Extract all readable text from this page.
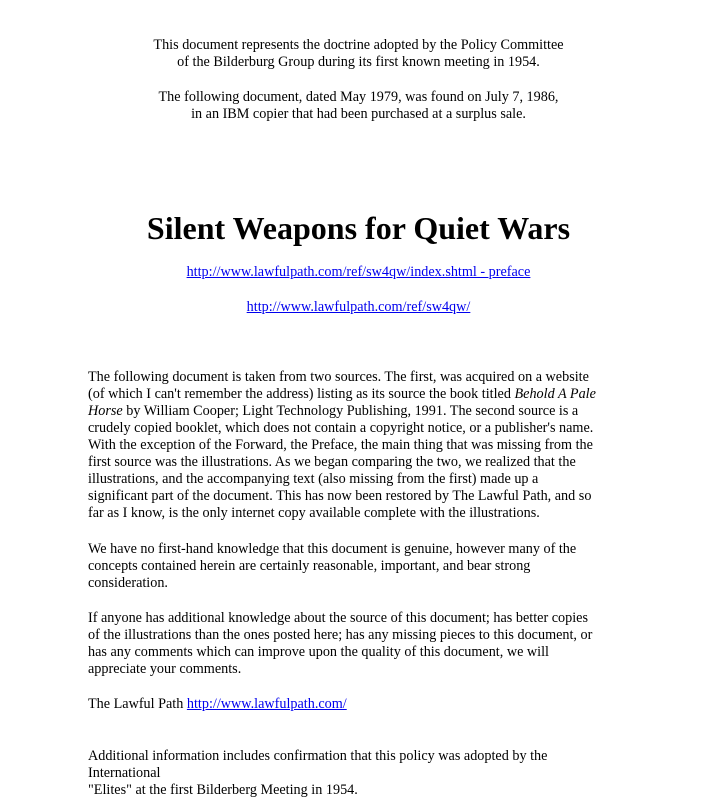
This document represents the doctrine adopted by the Policy Committee
of the Bilderburg Group during its first known meeting in 1954.
The following document, dated May 1979, was found on July 7, 1986,
in an IBM copier that had been purchased at a surplus sale.
Silent Weapons for Quiet Wars
http://www.lawfulpath.com/ref/sw4qw/index.shtml - preface
http://www.lawfulpath.com/ref/sw4qw/
The following document is taken from two sources. The first, was acquired on a website
(of which I can't remember the address) listing as its source the book titled Behold A Pale
Horse by William Cooper; Light Technology Publishing, 1991. The second source is a
crudely copied booklet, which does not contain a copyright notice, or a publisher's name.
With the exception of the Forward, the Preface, the main thing that was missing from the
first source was the illustrations. As we began comparing the two, we realized that the
illustrations, and the accompanying text (also missing from the first) made up a
significant part of the document. This has now been restored by The Lawful Path, and so
far as I know, is the only internet copy available complete with the illustrations.
We have no first-hand knowledge that this document is genuine, however many of the
concepts contained herein are certainly reasonable, important, and bear strong
consideration.
If anyone has additional knowledge about the source of this document; has better copies
of the illustrations than the ones posted here; has any missing pieces to this document, or
has any comments which can improve upon the quality of this document, we will
appreciate your comments.
The Lawful Path http://www.lawfulpath.com/
Additional information includes confirmation that this policy was adopted by the
International
"Elites" at the first Bilderberg Meeting in 1954.
